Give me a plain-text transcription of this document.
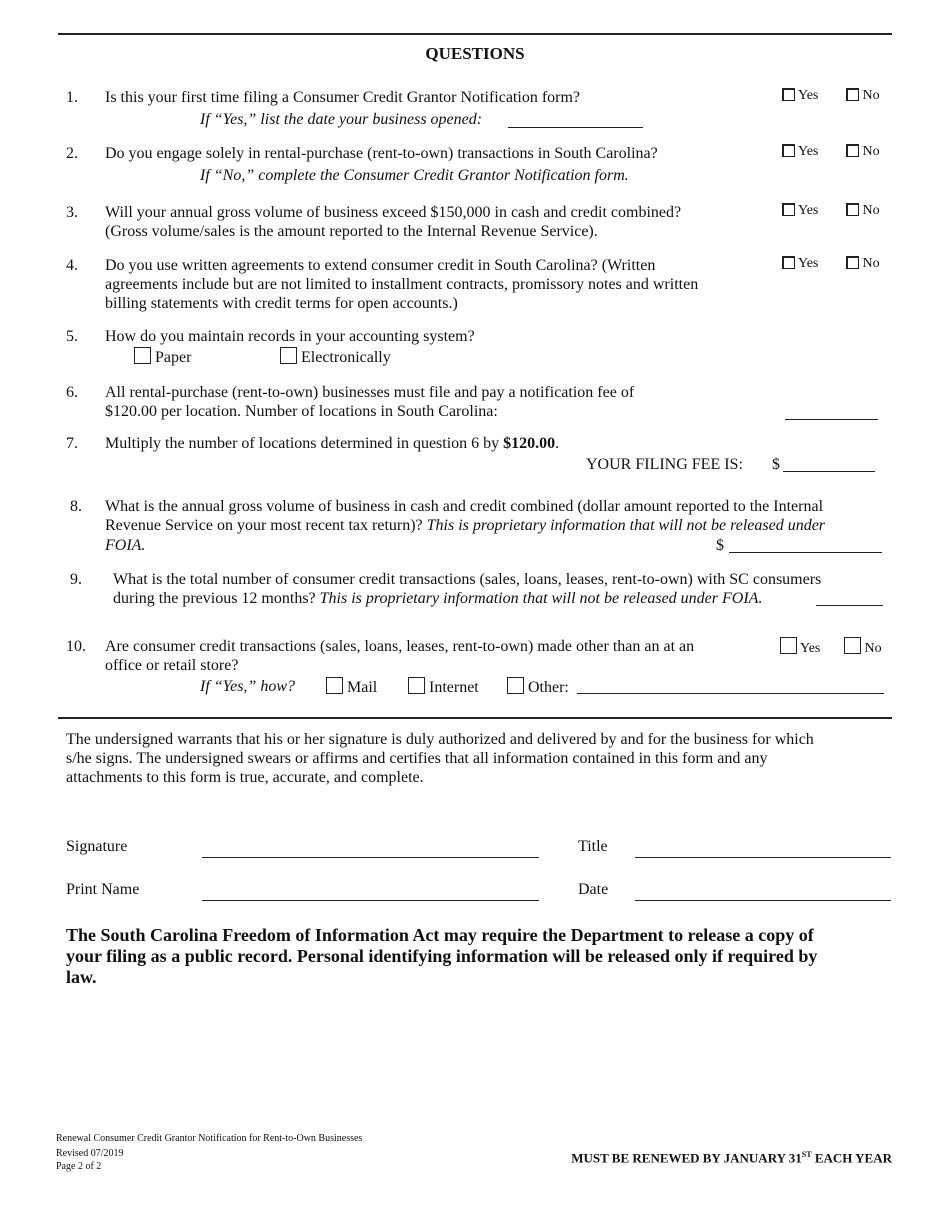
QUESTIONS
1. Is this your first time filing a Consumer Credit Grantor Notification form?
If “Yes,” list the date your business opened:
Yes	No
2. Do you engage solely in rental-purchase (rent-to-own) transactions in South Carolina?
If “No,” complete the Consumer Credit Grantor Notification form.
Yes	No
3. Will your annual gross volume of business exceed $150,000 in cash and credit combined?
(Gross volume/sales is the amount reported to the Internal Revenue Service).
Yes	No
4. Do you use written agreements to extend consumer credit in South Carolina? (Written
agreements include but are not limited to installment contracts, promissory notes and written
billing statements with credit terms for open accounts.)
Yes	No
5. How do you maintain records in your accounting system?
Paper	Electronically
6. All rental-purchase (rent-to-own) businesses must file and pay a notification fee of
$120.00 per location. Number of locations in South Carolina:
7. Multiply the number of locations determined in question 6 by $120.00.
YOUR FILING FEE IS: $
8. What is the annual gross volume of business in cash and credit combined (dollar amount reported to the Internal
Revenue Service on your most recent tax return)? This is proprietary information that will not be released under
FOIA.	$
9. What is the total number of consumer credit transactions (sales, loans, leases, rent-to-own) with SC consumers
during the previous 12 months? This is proprietary information that will not be released under FOIA.
10. Are consumer credit transactions (sales, loans, leases, rent-to-own) made other than an at an
office or retail store?
Yes	No
If “Yes,” how?	Mail	Internet	Other:
The undersigned warrants that his or her signature is duly authorized and delivered by and for the business for which
s/he signs. The undersigned swears or affirms and certifies that all information contained in this form and any
attachments to this form is true, accurate, and complete.
Signature	Title
Print Name	Date
The South Carolina Freedom of Information Act may require the Department to release a copy of
your filing as a public record. Personal identifying information will be released only if required by
law.
Renewal Consumer Credit Grantor Notification for Rent-to-Own Businesses
Revised 07/2019
Page 2 of 2
MUST BE RENEWED BY JANUARY 31ST EACH YEAR
